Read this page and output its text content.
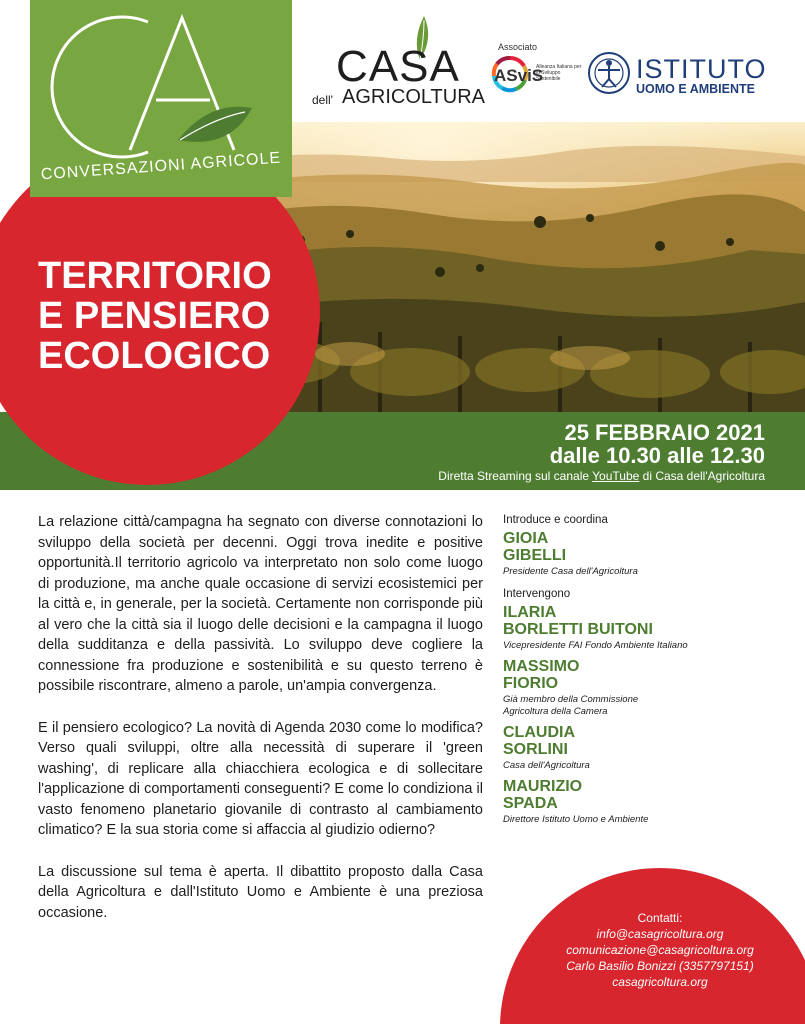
CONVERSAZIONI AGRICOLE
CASA
dell' AGRICOLTURA
Associato
ASviS
Alleanza Italiana per lo Sviluppo Sostenibile	ISTITUTO
UOMO E AMBIENTE
TERRITORIO
E PENSIERO
ECOLOGICO
25 FEBBRAIO 2021
dalle 10.30 alle 12.30
Diretta Streaming sul canale YouTube di Casa dell'Agricoltura

La relazione città/campagna ha segnato con diverse connotazioni lo sviluppo della società per decenni. Oggi trova inedite e positive opportunità.Il territorio agricolo va interpretato non solo come luogo di produzione, ma anche quale occasione di servizi ecosistemici per la città e, in generale, per la società. Certamente non corrisponde più al vero che la città sia il luogo delle decisioni e la campagna il luogo della sudditanza e della passività. Lo sviluppo deve cogliere la connessione fra produzione e sostenibilità e su questo terreno è possibile riscontrare, almeno a parole, un'ampia convergenza.

E il pensiero ecologico? La novità di Agenda 2030 come lo modifica? Verso quali sviluppi, oltre alla necessità di superare il 'green washing', di replicare alla chiacchiera ecologica e di sollecitare l'applicazione di comportamenti conseguenti? E come lo condiziona il vasto fenomeno planetario giovanile di contrasto al cambiamento climatico? E la sua storia come si affaccia al giudizio odierno?

La discussione sul tema è aperta. Il dibattito proposto dalla Casa della Agricoltura e dall'Istituto Uomo e Ambiente è una preziosa occasione.

Introduce e coordina
GIOIA
GIBELLI
Presidente Casa dell'Agricoltura
Intervengono
ILARIA
BORLETTI BUITONI
Vicepresidente FAI Fondo Ambiente Italiano
MASSIMO
FIORIO
Già membro della Commissione
Agricoltura della Camera
CLAUDIA
SORLINI
Casa dell'Agricoltura
MAURIZIO
SPADA
Direttore Istituto Uomo e Ambiente
Contatti:
info@casagricoltura.org
comunicazione@casagricoltura.org
Carlo Basilio Bonizzi (3357797151)
casagricoltura.org
